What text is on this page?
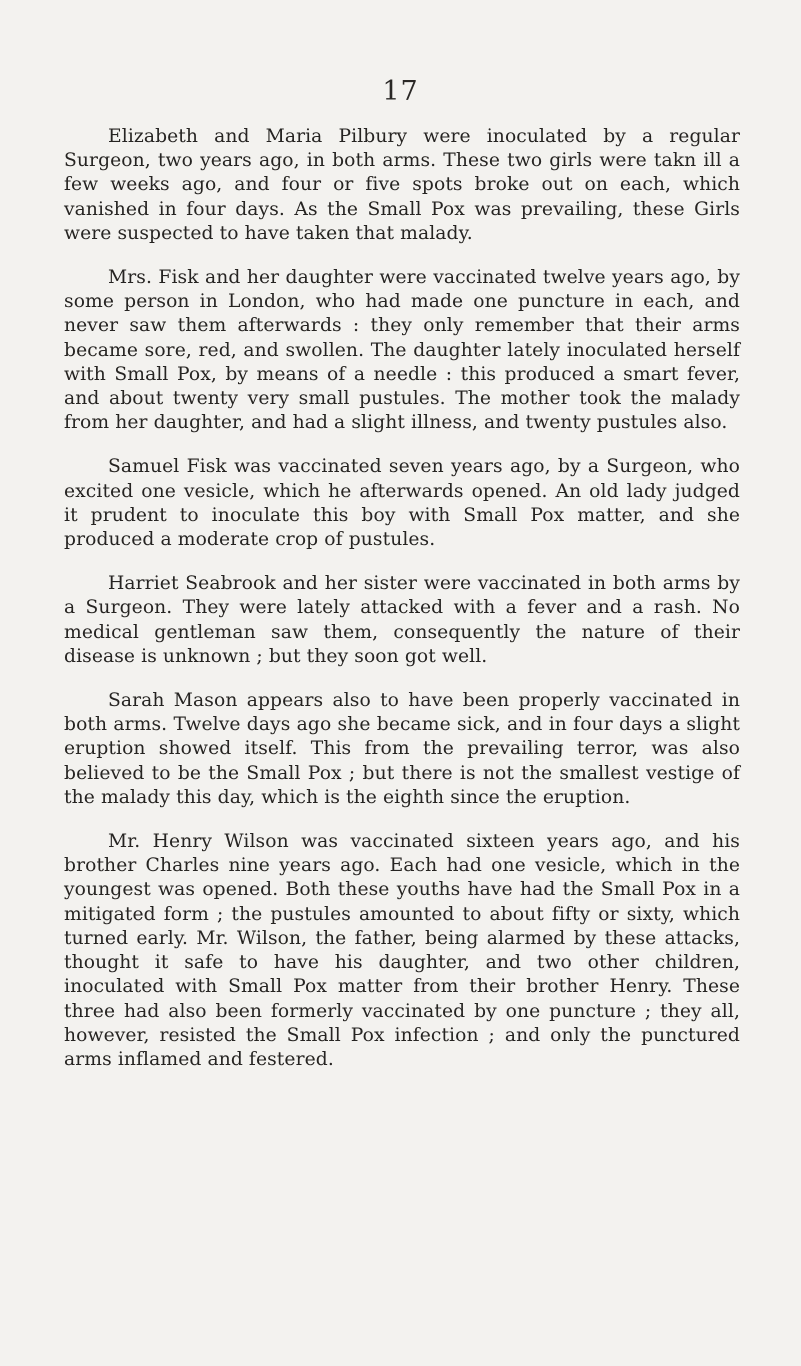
17

Elizabeth and Maria Pilbury were inoculated by a regular Surgeon, two years ago, in both arms. These two girls were takn ill a few weeks ago, and four or five spots broke out on each, which vanished in four days. As the Small Pox was prevailing, these Girls were suspected to have taken that malady.

Mrs. Fisk and her daughter were vaccinated twelve years ago, by some person in London, who had made one puncture in each, and never saw them afterwards : they only remember that their arms became sore, red, and swollen. The daughter lately inoculated herself with Small Pox, by means of a needle : this produced a smart fever, and about twenty very small pustules. The mother took the malady from her daughter, and had a slight illness, and twenty pustules also.

Samuel Fisk was vaccinated seven years ago, by a Surgeon, who excited one vesicle, which he afterwards opened. An old lady judged it prudent to inoculate this boy with Small Pox matter, and she produced a moderate crop of pustules.

Harriet Seabrook and her sister were vaccinated in both arms by a Surgeon. They were lately attacked with a fever and a rash. No medical gentleman saw them, consequently the nature of their disease is unknown ; but they soon got well.

Sarah Mason appears also to have been properly vaccinated in both arms. Twelve days ago she became sick, and in four days a slight eruption showed itself. This from the prevailing terror, was also believed to be the Small Pox ; but there is not the smallest vestige of the malady this day, which is the eighth since the eruption.

Mr. Henry Wilson was vaccinated sixteen years ago, and his brother Charles nine years ago. Each had one vesicle, which in the youngest was opened. Both these youths have had the Small Pox in a mitigated form ; the pustules amounted to about fifty or sixty, which turned early. Mr. Wilson, the father, being alarmed by these attacks, thought it safe to have his daughter, and two other children, inoculated with Small Pox matter from their brother Henry. These three had also been formerly vaccinated by one puncture ; they all, however, resisted the Small Pox infection ; and only the punctured arms inflamed and festered.
